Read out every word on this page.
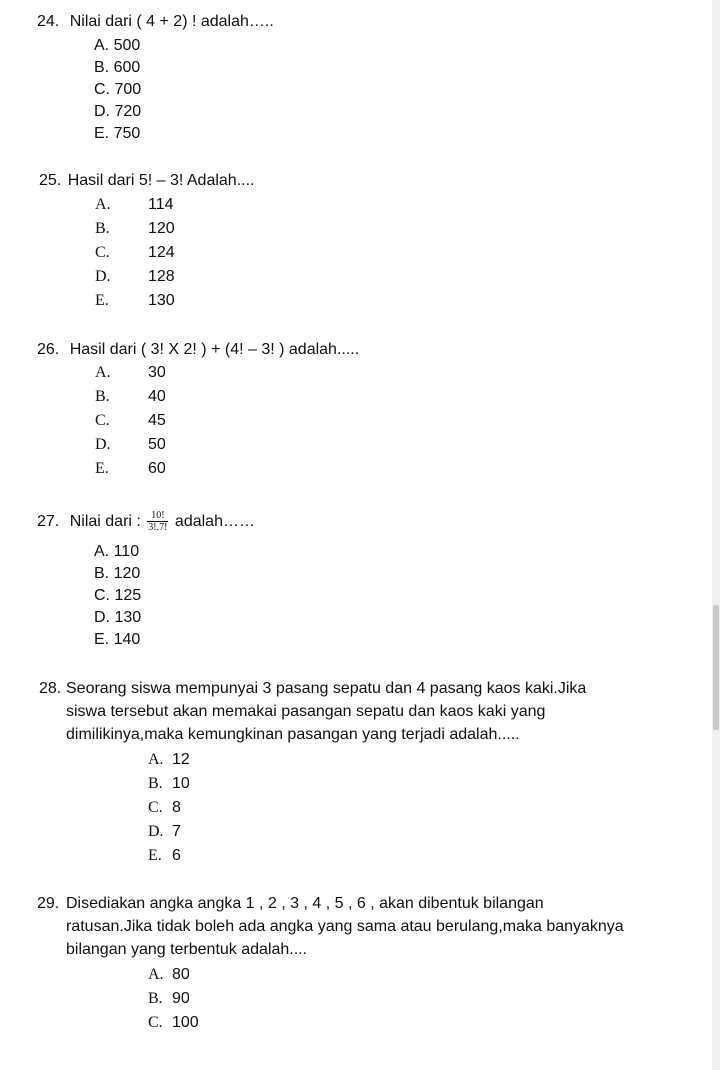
24. Nilai dari ( 4 + 2) ! adalah…..
A. 500
B. 600
C. 700
D. 720
E. 750
25. Hasil dari 5! – 3! Adalah....
A. 114
B. 120
C. 124
D. 128
E. 130
26. Hasil dari ( 3! X 2! ) + (4! – 3! ) adalah.....
A. 30
B. 40
C. 45
D. 50
E. 60
27. Nilai dari : $\frac{10!}{3!.7!}$ adalah……
A. 110
B. 120
C. 125
D. 130
E. 140
28. Seorang siswa mempunyai 3 pasang sepatu dan 4 pasang kaos kaki.Jika
siswa tersebut akan memakai pasangan sepatu dan kaos kaki yang
dimilikinya,maka kemungkinan pasangan yang terjadi adalah.....
A. 12
B. 10
C. 8
D. 7
E. 6
29. Disediakan angka angka 1 , 2 , 3 , 4 , 5 , 6 , akan dibentuk bilangan
ratusan.Jika tidak boleh ada angka yang sama atau berulang,maka banyaknya
bilangan yang terbentuk adalah....
A. 80
B. 90
C. 100
